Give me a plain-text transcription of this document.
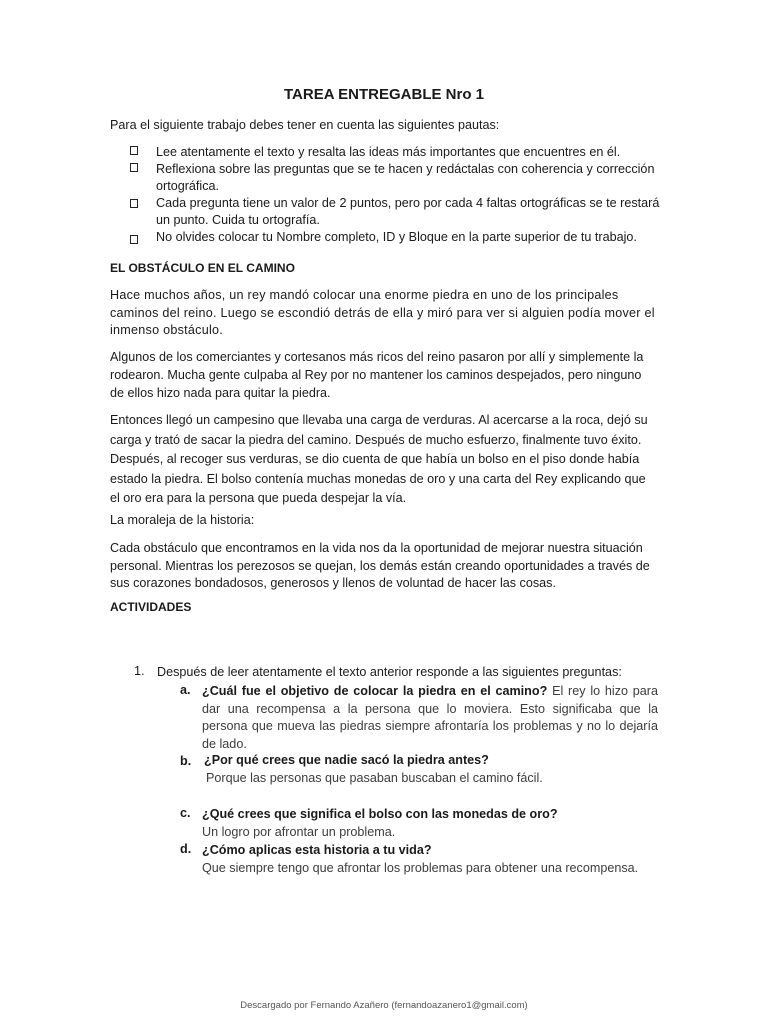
TAREA ENTREGABLE Nro 1
Para el siguiente trabajo debes tener en cuenta las siguientes pautas:
Lee atentamente el texto y resalta las ideas más importantes que encuentres en él.
Reflexiona sobre las preguntas que se te hacen y redáctalas con coherencia y corrección ortográfica.
Cada pregunta tiene un valor de 2 puntos, pero por cada 4 faltas ortográficas se te restará un punto. Cuida tu ortografía.
No olvides colocar tu Nombre completo, ID y Bloque en la parte superior de tu trabajo.
EL OBSTÁCULO EN EL CAMINO
Hace muchos años, un rey mandó colocar una enorme piedra en uno de los principales caminos del reino. Luego se escondió detrás de ella y miró para ver si alguien podía mover el inmenso obstáculo.
Algunos de los comerciantes y cortesanos más ricos del reino pasaron por allí y simplemente la rodearon. Mucha gente culpaba al Rey por no mantener los caminos despejados, pero ninguno de ellos hizo nada para quitar la piedra.
Entonces llegó un campesino que llevaba una carga de verduras. Al acercarse a la roca, dejó su carga y trató de sacar la piedra del camino. Después de mucho esfuerzo, finalmente tuvo éxito. Después, al recoger sus verduras, se dio cuenta de que había un bolso en el piso donde había estado la piedra. El bolso contenía muchas monedas de oro y una carta del Rey explicando que el oro era para la persona que pueda despejar la vía.
La moraleja de la historia:
Cada obstáculo que encontramos en la vida nos da la oportunidad de mejorar nuestra situación personal. Mientras los perezosos se quejan, los demás están creando oportunidades a través de sus corazones bondadosos, generosos y llenos de voluntad de hacer las cosas.
ACTIVIDADES
1. Después de leer atentamente el texto anterior responde a las siguientes preguntas:
a. ¿Cuál fue el objetivo de colocar la piedra en el camino? El rey lo hizo para dar una recompensa a la persona que lo moviera. Esto significaba que la persona que mueva las piedras siempre afrontaría los problemas y no lo dejaría de lado.
b. ¿Por qué crees que nadie sacó la piedra antes?
Porque las personas que pasaban buscaban el camino fácil.
c. ¿Qué crees que significa el bolso con las monedas de oro?
Un logro por afrontar un problema.
d. ¿Cómo aplicas esta historia a tu vida?
Que siempre tengo que afrontar los problemas para obtener una recompensa.
Descargado por Fernando Azañero (fernandoazanero1@gmail.com)
